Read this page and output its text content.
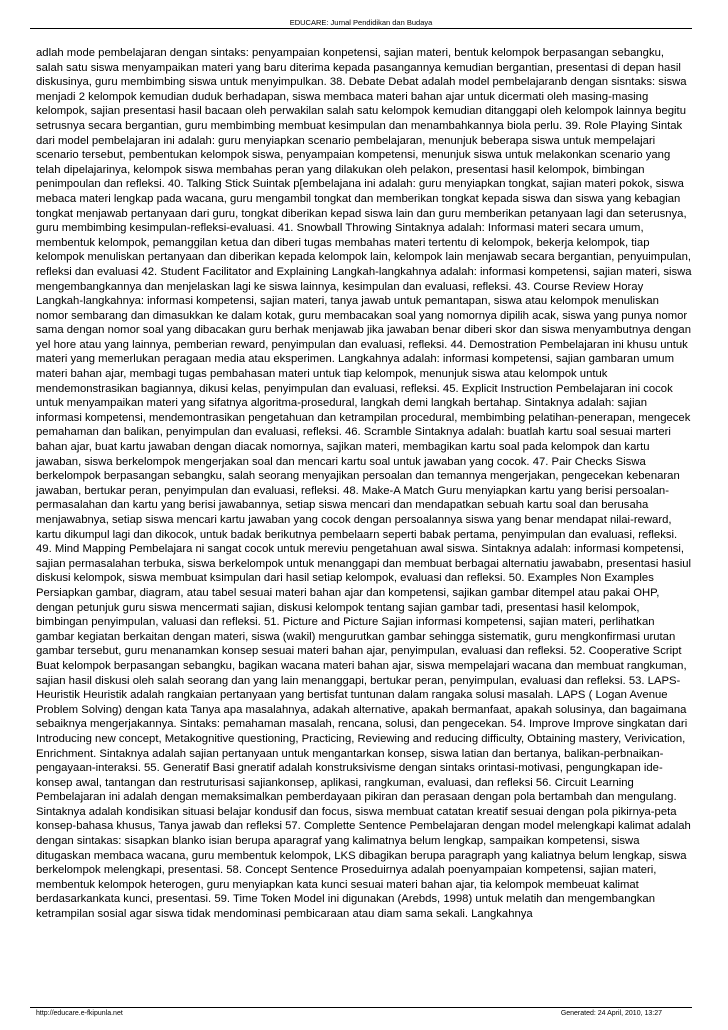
EDUCARE: Jurnal Pendidikan dan Budaya

adlah mode pembelajaran dengan sintaks: penyampaian konpetensi, sajian materi, bentuk kelompok berpasangan sebangku, salah satu siswa menyampaikan materi yang baru diterima kepada pasangannya kemudian bergantian, presentasi di depan hasil diskusinya, guru membimbing siswa untuk menyimpulkan. 38. Debate Debat adalah model pembelajaranb dengan sisntaks: siswa menjadi 2 kelompok kemudian duduk berhadapan, siswa membaca materi bahan ajar untuk dicermati oleh masing-masing kelompok, sajian presentasi hasil bacaan oleh perwakilan salah satu kelompok kemudian ditanggapi oleh kelompok lainnya begitu setrusnya secara bergantian, guru membimbing membuat kesimpulan dan menambahkannya biola perlu. 39. Role Playing Sintak dari model pembelajaran ini adalah: guru menyiapkan scenario pembelajaran, menunjuk beberapa siswa untuk mempelajari scenario tersebut, pembentukan kelompok siswa, penyampaian kompetensi, menunjuk siswa untuk melakonkan scenario yang telah dipelajarinya, kelompok siswa membahas peran yang dilakukan oleh pelakon, presentasi hasil kelompok, bimbingan penimpoulan dan refleksi. 40. Talking Stick Suintak p[embelajana ini adalah: guru menyiapkan tongkat, sajian materi pokok, siswa mebaca materi lengkap pada wacana, guru mengambil tongkat dan memberikan tongkat kepada siswa dan siswa yang kebagian tongkat menjawab pertanyaan dari guru, tongkat diberikan kepad siswa lain dan guru memberikan petanyaan lagi dan seterusnya, guru membimbing kesimpulan-refleksi-evaluasi. 41. Snowball Throwing Sintaknya adalah: Informasi materi secara umum, membentuk kelompok, pemanggilan ketua dan diberi tugas membahas materi tertentu di kelompok, bekerja kelompok, tiap kelompok menuliskan pertanyaan dan diberikan kepada kelompok lain, kelompok lain menjawab secara bergantian, penyuimpulan, refleksi dan evaluasi 42. Student Facilitator and Explaining Langkah-langkahnya adalah: informasi kompetensi, sajian materi, siswa mengembangkannya dan menjelaskan lagi ke siswa lainnya, kesimpulan dan evaluasi, refleksi. 43. Course Review Horay Langkah-langkahnya: informasi kompetensi, sajian materi, tanya jawab untuk pemantapan, siswa atau kelompok menuliskan nomor sembarang dan dimasukkan ke dalam kotak, guru membacakan soal yang nomornya dipilih acak, siswa yang punya nomor sama dengan nomor soal yang dibacakan guru berhak menjawab jika jawaban benar diberi skor dan siswa menyambutnya dengan yel hore atau yang lainnya, pemberian reward, penyimpulan dan evaluasi, refleksi. 44. Demostration Pembelajaran ini khusu untuk materi yang memerlukan peragaan media atau eksperimen. Langkahnya adalah: informasi kompetensi, sajian gambaran umum materi bahan ajar, membagi tugas pembahasan materi untuk tiap kelompok, menunjuk siswa atau kelompok untuk mendemonstrasikan bagiannya, dikusi kelas, penyimpulan dan evaluasi, refleksi. 45. Explicit Instruction Pembelajaran ini cocok untuk menyampaikan materi yang sifatnya algoritma-prosedural, langkah demi langkah bertahap. Sintaknya adalah: sajian informasi kompetensi, mendemontrasikan pengetahuan dan ketrampilan procedural, membimbing pelatihan-penerapan, mengecek pemahaman dan balikan, penyimpulan dan evaluasi, refleksi. 46. Scramble Sintaknya adalah: buatlah kartu soal sesuai marteri bahan ajar, buat kartu jawaban dengan diacak nomornya, sajikan materi, membagikan kartu soal pada kelompok dan kartu jawaban, siswa berkelompok mengerjakan soal dan mencari kartu soal untuk jawaban yang cocok. 47. Pair Checks Siswa berkelompok berpasangan sebangku, salah seorang menyajikan persoalan dan temannya mengerjakan, pengecekan kebenaran jawaban, bertukar peran, penyimpulan dan evaluasi, refleksi. 48. Make-A Match Guru menyiapkan kartu yang berisi persoalan-permasalahan dan kartu yang berisi jawabannya, setiap siswa mencari dan mendapatkan sebuah kartu soal dan berusaha menjawabnya, setiap siswa mencari kartu jawaban yang cocok dengan persoalannya siswa yang benar mendapat nilai-reward, kartu dikumpul lagi dan dikocok, untuk badak berikutnya pembelaarn seperti babak pertama, penyimpulan dan evaluasi, refleksi. 49. Mind Mapping Pembelajara ni sangat cocok untuk mereviu pengetahuan awal siswa. Sintaknya adalah: informasi kompetensi, sajian permasalahan terbuka, siswa berkelompok untuk menanggapi dan membuat berbagai alternatiu jawababn, presentasi hasiul diskusi kelompok, siswa membuat ksimpulan dari hasil setiap kelompok, evaluasi dan refleksi. 50. Examples Non Examples Persiapkan gambar, diagram, atau tabel sesuai materi bahan ajar dan kompetensi, sajikan gambar ditempel atau pakai OHP, dengan petunjuk guru siswa mencermati sajian, diskusi kelompok tentang sajian gambar tadi, presentasi hasil kelompok, bimbingan penyimpulan, valuasi dan refleksi. 51. Picture and Picture Sajian informasi kompetensi, sajian materi, perlihatkan gambar kegiatan berkaitan dengan materi, siswa (wakil) mengurutkan gambar sehingga sistematik, guru mengkonfirmasi urutan gambar tersebut, guru menanamkan konsep sesuai materi bahan ajar, penyimpulan, evaluasi dan refleksi. 52. Cooperative Script Buat kelompok berpasangan sebangku, bagikan wacana materi bahan ajar, siswa mempelajari wacana dan membuat rangkuman, sajian hasil diskusi oleh salah seorang dan yang lain menanggapi, bertukar peran, penyimpulan, evaluasi dan refleksi. 53. LAPS-Heuristik Heuristik adalah rangkaian pertanyaan yang bertisfat tuntunan dalam rangaka solusi masalah. LAPS ( Logan Avenue Problem Solving) dengan kata Tanya apa masalahnya, adakah alternative, apakah bermanfaat, apakah solusinya, dan bagaimana sebaiknya mengerjakannya. Sintaks: pemahaman masalah, rencana, solusi, dan pengecekan. 54. Improve Improve singkatan dari Introducing new concept, Metakognitive questioning, Practicing, Reviewing and reducing difficulty, Obtaining mastery, Verivication, Enrichment. Sintaknya adalah sajian pertanyaan untuk mengantarkan konsep, siswa latian dan bertanya, balikan-perbnaikan-pengayaan-interaksi. 55. Generatif Basi gneratif adalah konstruksivisme dengan sintaks orintasi-motivasi, pengungkapan ide-konsep awal, tantangan dan restruturisasi sajiankonsep, aplikasi, rangkuman, evaluasi, dan refleksi 56. Circuit Learning Pembelajaran ini adalah dengan memaksimalkan pemberdayaan pikiran dan perasaan dengan pola bertambah dan mengulang. Sintaknya adalah kondisikan situasi belajar kondusif dan focus, siswa membuat catatan kreatif sesuai dengan pola pikirnya-peta konsep-bahasa khusus, Tanya jawab dan refleksi 57. Complette Sentence Pembelajaran dengan model melengkapi kalimat adalah dengan sintakas: sisapkan blanko isian berupa aparagraf yang kalimatnya belum lengkap, sampaikan kompetensi, siswa ditugaskan membaca wacana, guru membentuk kelompok, LKS dibagikan berupa paragraph yang kaliatnya belum lengkap, siswa berkelompok melengkapi, presentasi. 58. Concept Sentence Proseduirnya adalah poenyampaian kompetensi, sajian materi, membentuk kelompok heterogen, guru menyiapkan kata kunci sesuai materi bahan ajar, tia kelompok membeuat kalimat berdasarkankata kunci, presentasi. 59. Time Token Model ini digunakan (Arebds, 1998) untuk melatih dan mengembangkan ketrampilan sosial agar siswa tidak mendominasi pembicaraan atau diam sama sekali. Langkahnya

http://educare.e-fkipunla.net	Generated: 24 April, 2010, 13:27
